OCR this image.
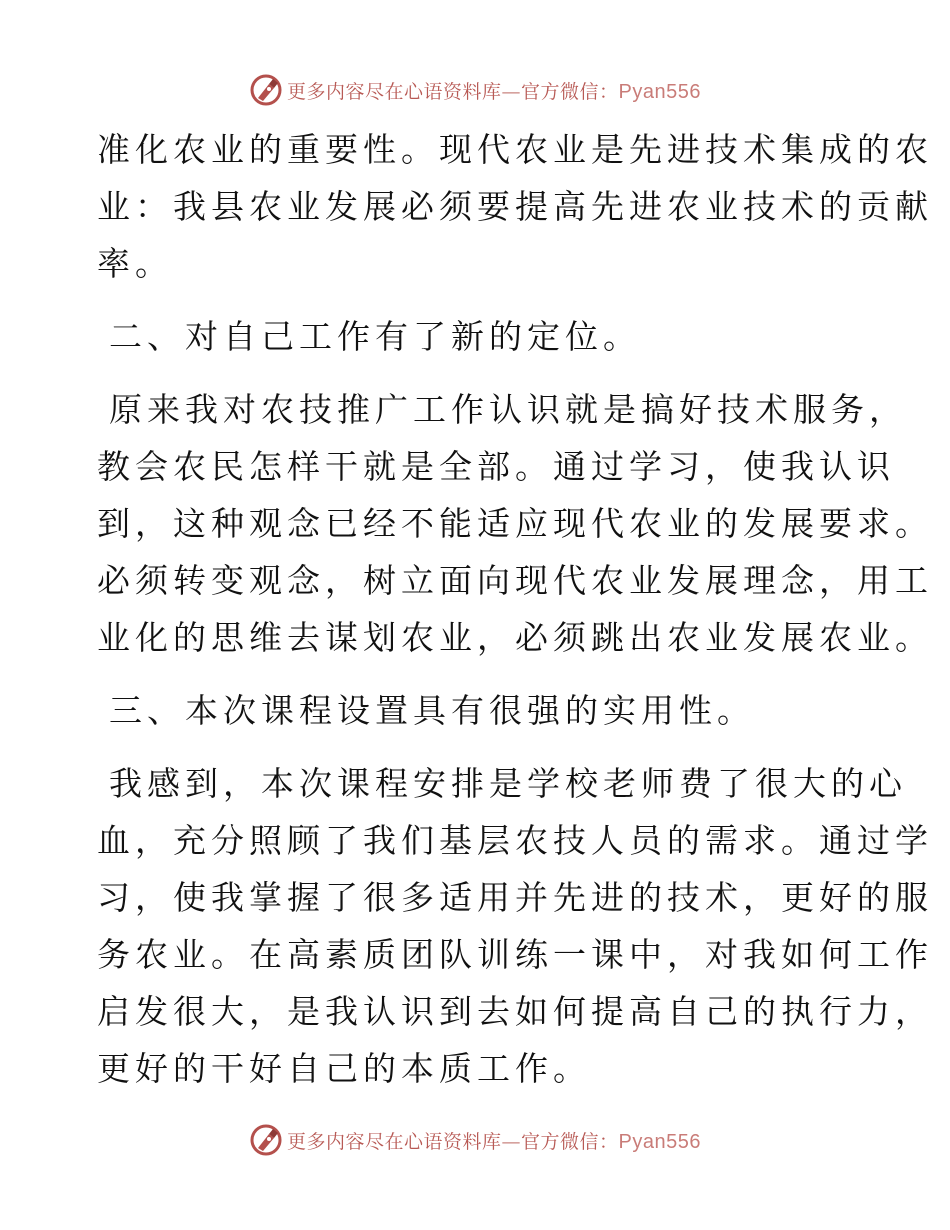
更多内容尽在心语资料库—官方微信：Pyan556
准化农业的重要性。现代农业是先进技术集成的农
业：我县农业发展必须要提高先进农业技术的贡献
率。
二、对自己工作有了新的定位。
原来我对农技推广工作认识就是搞好技术服务，
教会农民怎样干就是全部。通过学习，使我认识
到，这种观念已经不能适应现代农业的发展要求。
必须转变观念，树立面向现代农业发展理念，用工
业化的思维去谋划农业，必须跳出农业发展农业。
三、本次课程设置具有很强的实用性。
我感到，本次课程安排是学校老师费了很大的心
血，充分照顾了我们基层农技人员的需求。通过学
习，使我掌握了很多适用并先进的技术，更好的服
务农业。在高素质团队训练一课中，对我如何工作
启发很大，是我认识到去如何提高自己的执行力，
更好的干好自己的本质工作。
更多内容尽在心语资料库—官方微信：Pyan556
